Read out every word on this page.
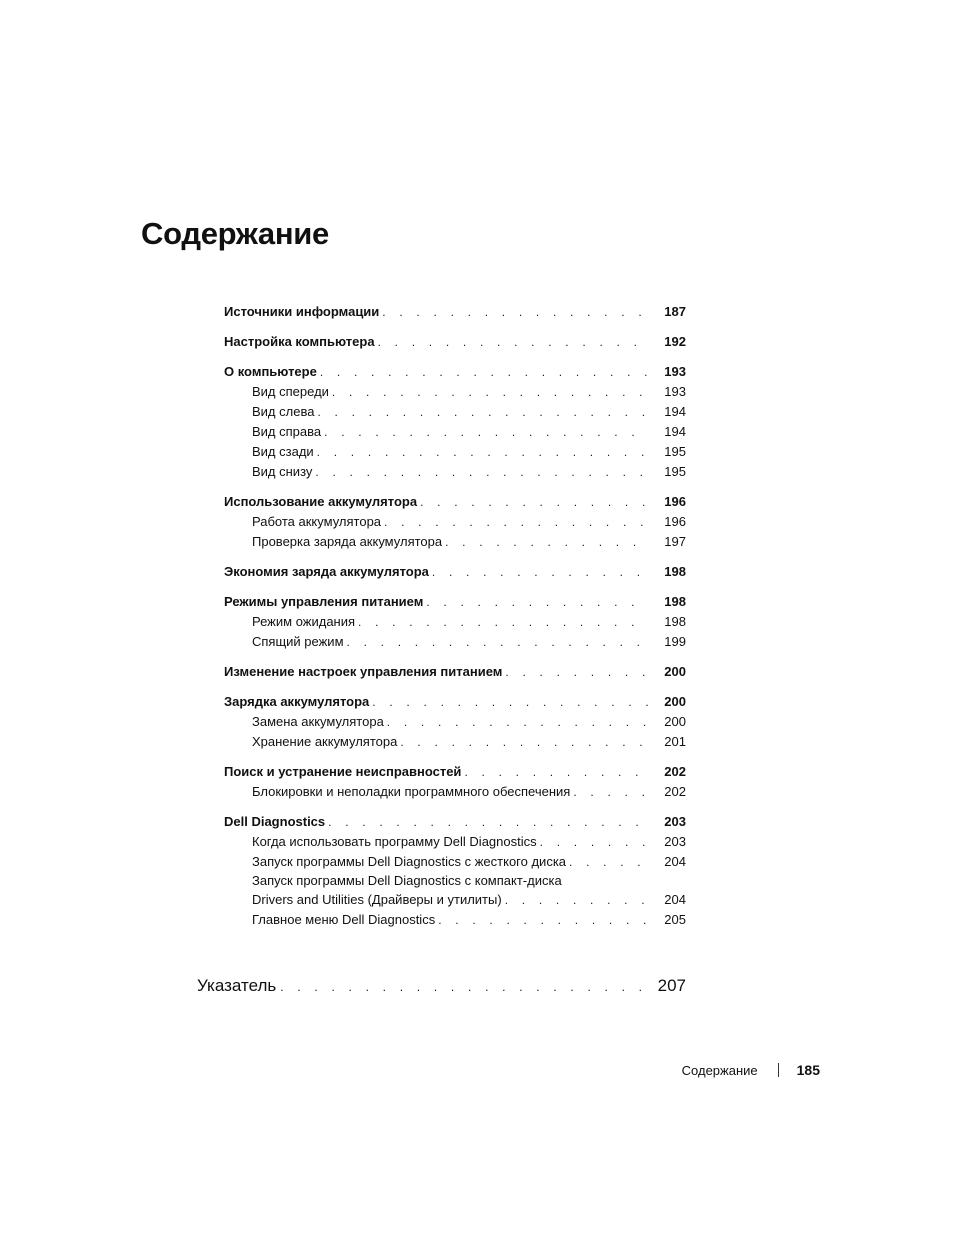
Содержание
Источники информации . . .	187
Настройка компьютера . . .	192
О компьютере . . .	193
Вид спереди . . .	193
Вид слева . . .	194
Вид справа . . .	194
Вид сзади . . .	195
Вид снизу . . .	195
Использование аккумулятора . . .	196
Работа аккумулятора . . .	196
Проверка заряда аккумулятора . . .	197
Экономия заряда аккумулятора . . .	198
Режимы управления питанием . . .	198
Режим ожидания . . .	198
Спящий режим . . .	199
Изменение настроек управления питанием . . .	200
Зарядка аккумулятора . . .	200
Замена аккумулятора . . .	200
Хранение аккумулятора . . .	201
Поиск и устранение неисправностей . . .	202
Блокировки и неполадки программного обеспечения . . .	202
Dell Diagnostics . . .	203
Когда использовать программу Dell Diagnostics . . .	203
Запуск программы Dell Diagnostics с жесткого диска . . .	204
Запуск программы Dell Diagnostics с компакт-диска
Drivers and Utilities (Драйверы и утилиты) . . .	204
Главное меню Dell Diagnostics . . .	205
Указатель . . .	207
Содержание	185
